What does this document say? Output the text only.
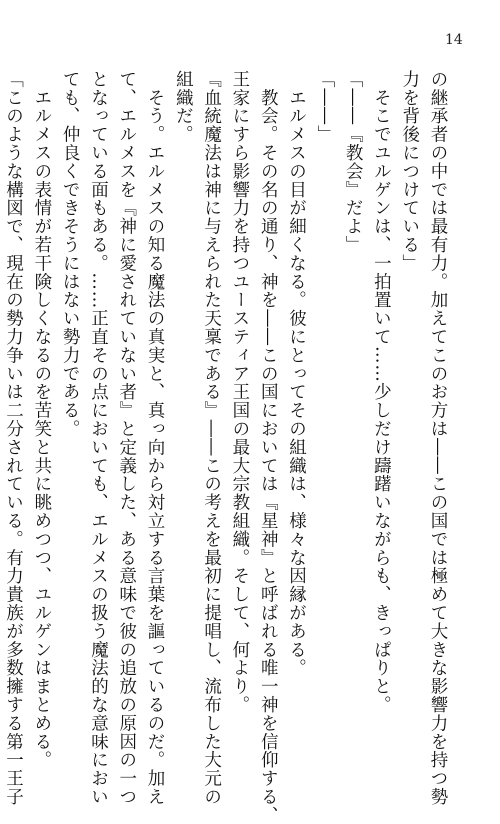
14

の継承者の中では最有力。加えてこのお方は――この国では極めて大きな影響力を持つ勢

力を背後につけている」

　そこでユルゲンは、一拍置いて……少しだけ躊躇いながらも、きっぱりと。

「――『教会』だよ」

「――」

　エルメスの目が細くなる。彼にとってその組織は、様々な因縁がある。

　教会。その名の通り、神を――この国においては『星神』と呼ばれる唯一神を信仰する、

王家にすら影響力を持つユースティア王国の最大宗教組織。そして、何より。

『血統魔法は神に与えられた天稟である』――この考えを最初に提唱し、流布した大元の

組織だ。

　そう。エルメスの知る魔法の真実と、真っ向から対立する言葉を謳っているのだ。加え

て、エルメスを『神に愛されていない者』と定義した、ある意味で彼の追放の原因の一つ

となっている面もある。……正直その点においても、エルメスの扱う魔法的な意味におい

ても、仲良くできそうにはない勢力である。

　エルメスの表情が若干険しくなるのを苦笑と共に眺めつつ、ユルゲンはまとめる。

「このような構図で、現在の勢力争いは二分されている。有力貴族が多数擁する第一王子
